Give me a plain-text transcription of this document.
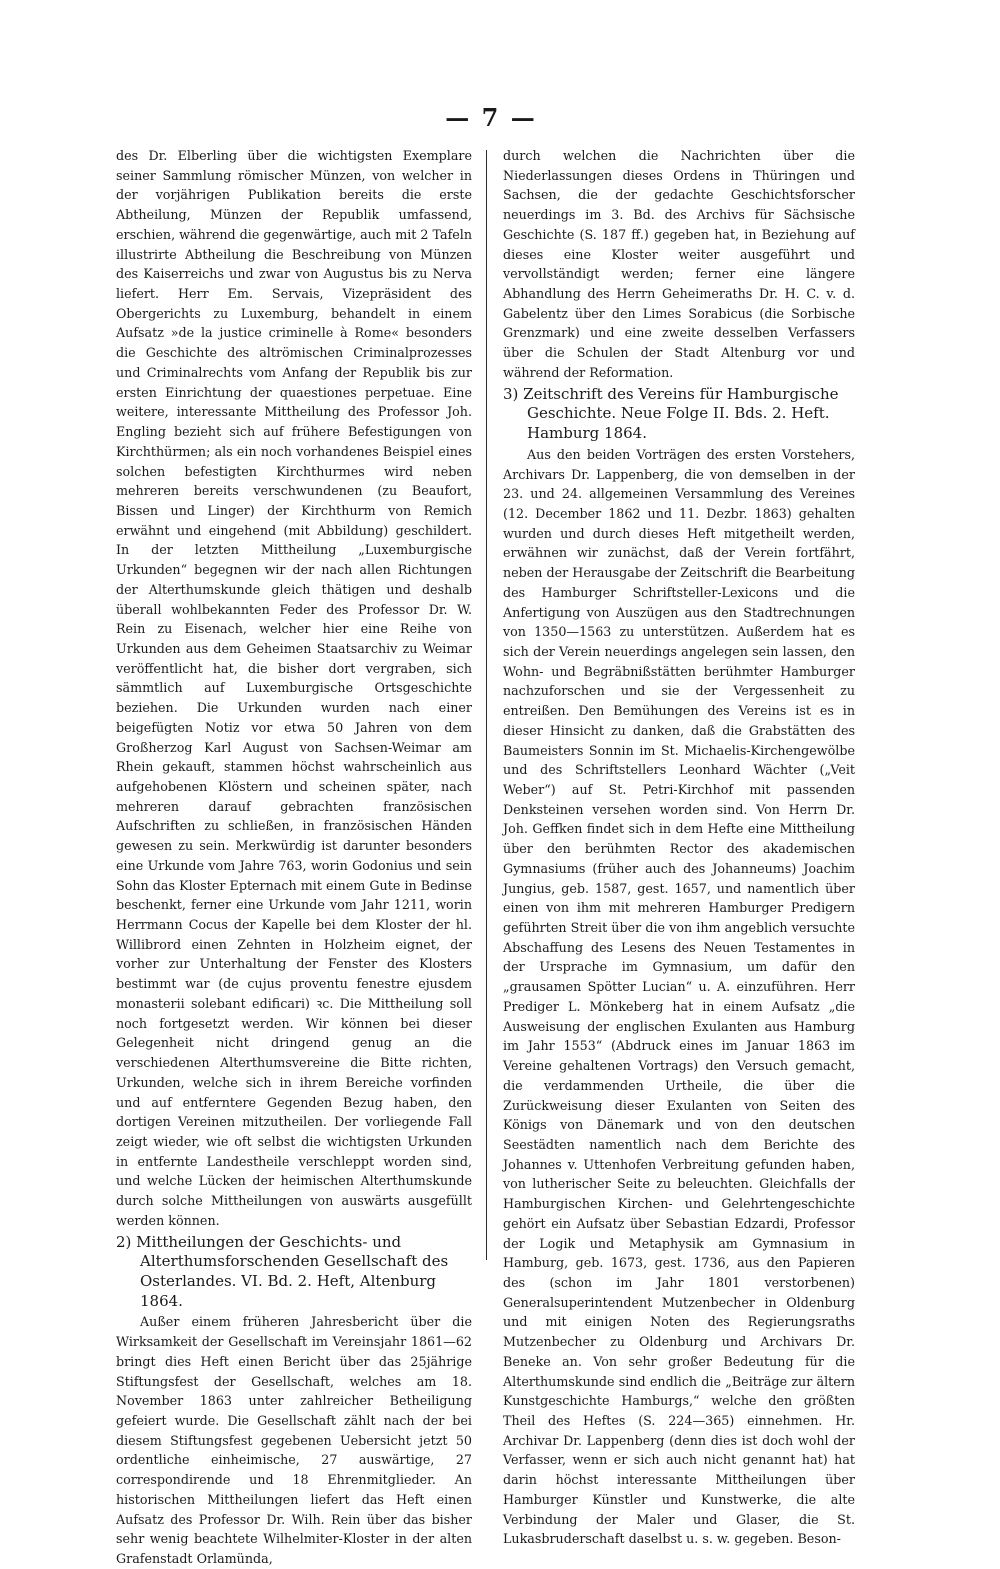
— 7 —

des Dr. Elberling über die wichtigsten Exemplare seiner Sammlung römischer Münzen, von welcher in der vorjährigen Publikation bereits die erste Abtheilung, Münzen der Republik umfassend, erschien, während die gegenwärtige, auch mit 2 Tafeln illustrirte Abtheilung die Beschreibung von Münzen des Kaiserreichs und zwar von Augustus bis zu Nerva liefert. Herr Em. Servais, Vizepräsident des Obergerichts zu Luxemburg, behandelt in einem Aufsatz »de la justice criminelle à Rome« besonders die Geschichte des altrömischen Criminalprozesses und Criminalrechts vom Anfang der Republik bis zur ersten Einrichtung der quaestiones perpetuae. Eine weitere, interessante Mittheilung des Professor Joh. Engling bezieht sich auf frühere Befestigungen von Kirchthürmen; als ein noch vorhandenes Beispiel eines solchen befestigten Kirchthurmes wird neben mehreren bereits verschwundenen (zu Beaufort, Bissen und Linger) der Kirchthurm von Remich erwähnt und eingehend (mit Abbildung) geschildert. In der letzten Mittheilung „Luxemburgische Urkunden“ begegnen wir der nach allen Richtungen der Alterthumskunde gleich thätigen und deshalb überall wohlbekannten Feder des Professor Dr. W. Rein zu Eisenach, welcher hier eine Reihe von Urkunden aus dem Geheimen Staatsarchiv zu Weimar veröffentlicht hat, die bisher dort vergraben, sich sämmtlich auf Luxemburgische Ortsgeschichte beziehen. Die Urkunden wurden nach einer beigefügten Notiz vor etwa 50 Jahren von dem Großherzog Karl August von Sachsen-Weimar am Rhein gekauft, stammen höchst wahrscheinlich aus aufgehobenen Klöstern und scheinen später, nach mehreren darauf gebrachten französischen Aufschriften zu schließen, in französischen Händen gewesen zu sein. Merkwürdig ist darunter besonders eine Urkunde vom Jahre 763, worin Godonius und sein Sohn das Kloster Epternach mit einem Gute in Bedinse beschenkt, ferner eine Urkunde vom Jahr 1211, worin Herrmann Cocus der Kapelle bei dem Kloster der hl. Willibrord einen Zehnten in Holzheim eignet, der vorher zur Unterhaltung der Fenster des Klosters bestimmt war (de cujus proventu fenestre ejusdem monasterii solebant edificari) ꝛc. Die Mittheilung soll noch fortgesetzt werden. Wir können bei dieser Gelegenheit nicht dringend genug an die verschiedenen Alterthumsvereine die Bitte richten, Urkunden, welche sich in ihrem Bereiche vorfinden und auf entferntere Gegenden Bezug haben, den dortigen Vereinen mitzutheilen. Der vorliegende Fall zeigt wieder, wie oft selbst die wichtigsten Urkunden in entfernte Landestheile verschleppt worden sind, und welche Lücken der heimischen Alterthumskunde durch solche Mittheilungen von auswärts ausgefüllt werden können.

2) Mittheilungen der Geschichts- und Alterthumsforschenden Gesellschaft des Osterlandes. VI. Bd. 2. Heft, Altenburg 1864.

Außer einem früheren Jahresbericht über die Wirksamkeit der Gesellschaft im Vereinsjahr 1861—62 bringt dies Heft einen Bericht über das 25jährige Stiftungsfest der Gesellschaft, welches am 18. November 1863 unter zahlreicher Betheiligung gefeiert wurde. Die Gesellschaft zählt nach der bei diesem Stiftungsfest gegebenen Uebersicht jetzt 50 ordentliche einheimische, 27 auswärtige, 27 correspondirende und 18 Ehrenmitglieder. An historischen Mittheilungen liefert das Heft einen Aufsatz des Professor Dr. Wilh. Rein über das bisher sehr wenig beachtete Wilhelmiter-Kloster in der alten Grafenstadt Orlamünda,

durch welchen die Nachrichten über die Niederlassungen dieses Ordens in Thüringen und Sachsen, die der gedachte Geschichtsforscher neuerdings im 3. Bd. des Archivs für Sächsische Geschichte (S. 187 ff.) gegeben hat, in Beziehung auf dieses eine Kloster weiter ausgeführt und vervollständigt werden; ferner eine längere Abhandlung des Herrn Geheimeraths Dr. H. C. v. d. Gabelentz über den Limes Sorabicus (die Sorbische Grenzmark) und eine zweite desselben Verfassers über die Schulen der Stadt Altenburg vor und während der Reformation.

3) Zeitschrift des Vereins für Hamburgische Geschichte. Neue Folge II. Bds. 2. Heft. Hamburg 1864.

Aus den beiden Vorträgen des ersten Vorstehers, Archivars Dr. Lappenberg, die von demselben in der 23. und 24. allgemeinen Versammlung des Vereines (12. December 1862 und 11. Dezbr. 1863) gehalten wurden und durch dieses Heft mitgetheilt werden, erwähnen wir zunächst, daß der Verein fortfährt, neben der Herausgabe der Zeitschrift die Bearbeitung des Hamburger Schriftsteller-Lexicons und die Anfertigung von Auszügen aus den Stadtrechnungen von 1350—1563 zu unterstützen. Außerdem hat es sich der Verein neuerdings angelegen sein lassen, den Wohn- und Begräbnißstätten berühmter Hamburger nachzuforschen und sie der Vergessenheit zu entreißen. Den Bemühungen des Vereins ist es in dieser Hinsicht zu danken, daß die Grabstätten des Baumeisters Sonnin im St. Michaelis-Kirchengewölbe und des Schriftstellers Leonhard Wächter („Veit Weber“) auf St. Petri-Kirchhof mit passenden Denksteinen versehen worden sind. Von Herrn Dr. Joh. Geffken findet sich in dem Hefte eine Mittheilung über den berühmten Rector des akademischen Gymnasiums (früher auch des Johanneums) Joachim Jungius, geb. 1587, gest. 1657, und namentlich über einen von ihm mit mehreren Hamburger Predigern geführten Streit über die von ihm angeblich versuchte Abschaffung des Lesens des Neuen Testamentes in der Ursprache im Gymnasium, um dafür den „grausamen Spötter Lucian“ u. A. einzuführen. Herr Prediger L. Mönkeberg hat in einem Aufsatz „die Ausweisung der englischen Exulanten aus Hamburg im Jahr 1553“ (Abdruck eines im Januar 1863 im Vereine gehaltenen Vortrags) den Versuch gemacht, die verdammenden Urtheile, die über die Zurückweisung dieser Exulanten von Seiten des Königs von Dänemark und von den deutschen Seestädten namentlich nach dem Berichte des Johannes v. Uttenhofen Verbreitung gefunden haben, von lutherischer Seite zu beleuchten. Gleichfalls der Hamburgischen Kirchen- und Gelehrtengeschichte gehört ein Aufsatz über Sebastian Edzardi, Professor der Logik und Metaphysik am Gymnasium in Hamburg, geb. 1673, gest. 1736, aus den Papieren des (schon im Jahr 1801 verstorbenen) Generalsuperintendent Mutzenbecher in Oldenburg und mit einigen Noten des Regierungsraths Mutzenbecher zu Oldenburg und Archivars Dr. Beneke an. Von sehr großer Bedeutung für die Alterthumskunde sind endlich die „Beiträge zur ältern Kunstgeschichte Hamburgs,“ welche den größten Theil des Heftes (S. 224—365) einnehmen. Hr. Archivar Dr. Lappenberg (denn dies ist doch wohl der Verfasser, wenn er sich auch nicht genannt hat) hat darin höchst interessante Mittheilungen über Hamburger Künstler und Kunstwerke, die alte Verbindung der Maler und Glaser, die St. Lukasbruderschaft daselbst u. s. w. gegeben. Beson-
